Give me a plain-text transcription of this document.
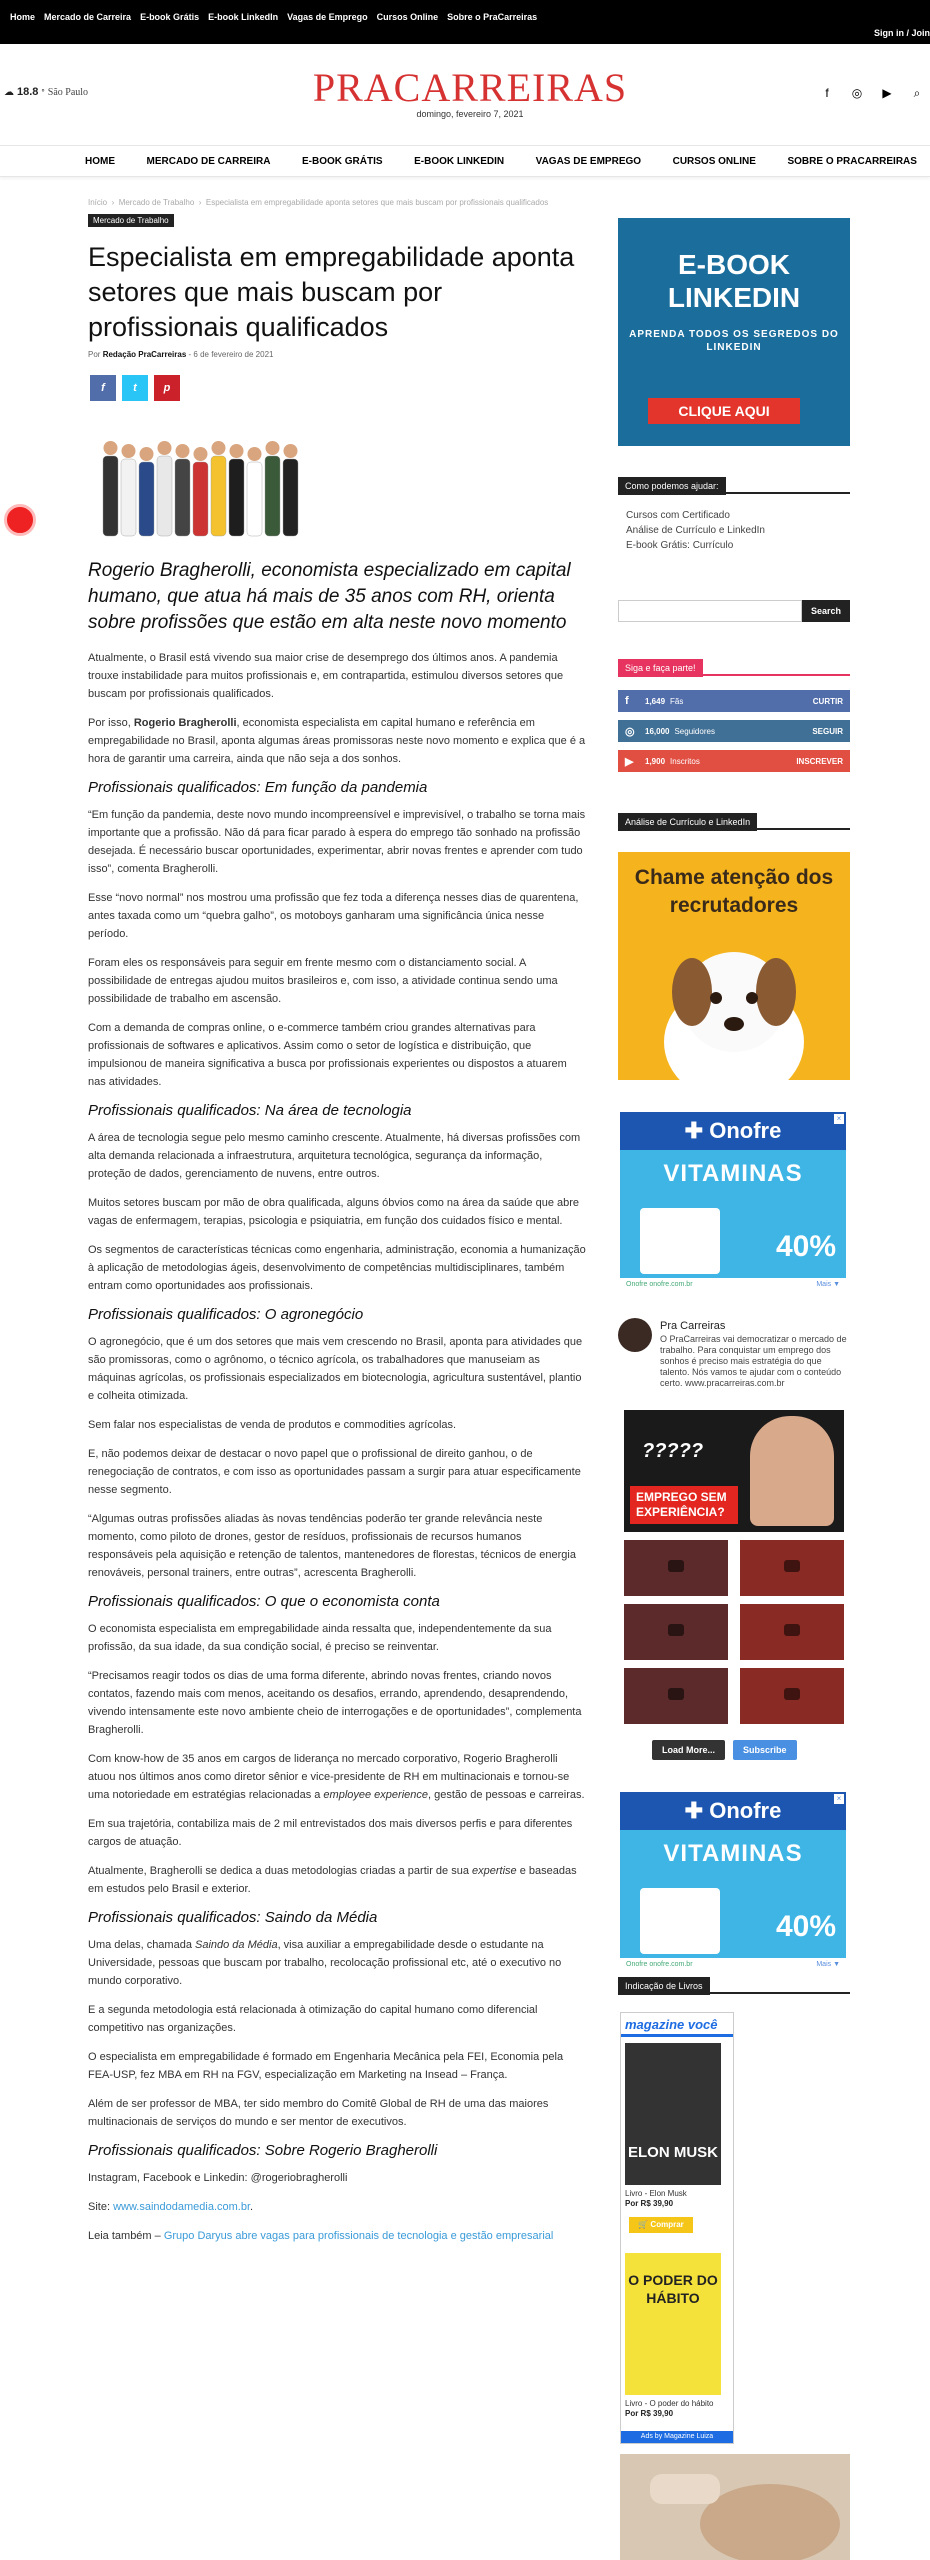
Home Mercado de Carreira E-book Grátis E-book LinkedIn Vagas de Emprego Cursos Online Sobre o PraCarreiras
Sign in / Join
☁ 18.8 ° São Paulo	PRACARREIRAS
domingo, fevereiro 7, 2021
f	◎ ▶	⌕
HOME	MERCADO DE CARREIRA	E-BOOK GRÁTIS	E-BOOK LINKEDIN	VAGAS DE EMPREGO	CURSOS ONLINE	SOBRE O PRACARREIRAS
Início  ›  Mercado de Trabalho  ›  Especialista em empregabilidade aponta setores que mais buscam por profissionais qualificados
Mercado de Trabalho
Especialista em empregabilidade aponta setores que mais buscam por profissionais qualificados
Por Redação PraCarreiras - 6 de fevereiro de 2021
f	t p

Rogerio Bragherolli, economista especializado em capital humano, que atua há mais de 35 anos com RH, orienta sobre profissões que estão em alta neste novo momento

Atualmente, o Brasil está vivendo sua maior crise de desemprego dos últimos anos. A pandemia trouxe instabilidade para muitos profissionais e, em contrapartida, estimulou diversos setores que buscam por profissionais qualificados.

Por isso, Rogerio Bragherolli, economista especialista em capital humano e referência em empregabilidade no Brasil, aponta algumas áreas promissoras neste novo momento e explica que é a hora de garantir uma carreira, ainda que não seja a dos sonhos.

Profissionais qualificados: Em função da pandemia

“Em função da pandemia, deste novo mundo incompreensível e imprevisível, o trabalho se torna mais importante que a profissão. Não dá para ficar parado à espera do emprego tão sonhado na profissão desejada. É necessário buscar oportunidades, experimentar, abrir novas frentes e aprender com tudo isso”, comenta Bragherolli.

Esse “novo normal” nos mostrou uma profissão que fez toda a diferença nesses dias de quarentena, antes taxada como um “quebra galho”, os motoboys ganharam uma significância única nesse período.

Foram eles os responsáveis para seguir em frente mesmo com o distanciamento social. A possibilidade de entregas ajudou muitos brasileiros e, com isso, a atividade continua sendo uma possibilidade de trabalho em ascensão.

Com a demanda de compras online, o e-commerce também criou grandes alternativas para profissionais de softwares e aplicativos. Assim como o setor de logística e distribuição, que impulsionou de maneira significativa a busca por profissionais experientes ou dispostos a atuarem nas atividades.

Profissionais qualificados: Na área de tecnologia

A área de tecnologia segue pelo mesmo caminho crescente. Atualmente, há diversas profissões com alta demanda relacionada a infraestrutura, arquitetura tecnológica, segurança da informação, proteção de dados, gerenciamento de nuvens, entre outros.

Muitos setores buscam por mão de obra qualificada, alguns óbvios como na área da saúde que abre vagas de enfermagem, terapias, psicologia e psiquiatria, em função dos cuidados físico e mental.

Os segmentos de características técnicas como engenharia, administração, economia a humanização à aplicação de metodologias ágeis, desenvolvimento de competências multidisciplinares, também entram como oportunidades aos profissionais.

Profissionais qualificados: O agronegócio

O agronegócio, que é um dos setores que mais vem crescendo no Brasil, aponta para atividades que são promissoras, como o agrônomo, o técnico agrícola, os trabalhadores que manuseiam as máquinas agrícolas, os profissionais especializados em biotecnologia, agricultura sustentável, plantio e colheita otimizada.

Sem falar nos especialistas de venda de produtos e commodities agrícolas.

E, não podemos deixar de destacar o novo papel que o profissional de direito ganhou, o de renegociação de contratos, e com isso as oportunidades passam a surgir para atuar especificamente nesse segmento.

“Algumas outras profissões aliadas às novas tendências poderão ter grande relevância neste momento, como piloto de drones, gestor de resíduos, profissionais de recursos humanos responsáveis pela aquisição e retenção de talentos, mantenedores de florestas, técnicos de energia renováveis, personal trainers, entre outras”, acrescenta Bragherolli.

Profissionais qualificados: O que o economista conta

O economista especialista em empregabilidade ainda ressalta que, independentemente da sua profissão, da sua idade, da sua condição social, é preciso se reinventar.

“Precisamos reagir todos os dias de uma forma diferente, abrindo novas frentes, criando novos contatos, fazendo mais com menos, aceitando os desafios, errando, aprendendo, desaprendendo, vivendo intensamente este novo ambiente cheio de interrogações e de oportunidades”, complementa Bragherolli.

Com know-how de 35 anos em cargos de liderança no mercado corporativo, Rogerio Bragherolli atuou nos últimos anos como diretor sênior e vice-presidente de RH em multinacionais e tornou-se uma notoriedade em estratégias relacionadas a employee experience, gestão de pessoas e carreiras.

Em sua trajetória, contabiliza mais de 2 mil entrevistados dos mais diversos perfis e para diferentes cargos de atuação.

Atualmente, Bragherolli se dedica a duas metodologias criadas a partir de sua expertise e baseadas em estudos pelo Brasil e exterior.

Profissionais qualificados: Saindo da Média

Uma delas, chamada Saindo da Média, visa auxiliar a empregabilidade desde o estudante na Universidade, pessoas que buscam por trabalho, recolocação profissional etc, até o executivo no mundo corporativo.

E a segunda metodologia está relacionada à otimização do capital humano como diferencial competitivo nas organizações.

O especialista em empregabilidade é formado em Engenharia Mecânica pela FEI, Economia pela FEA-USP, fez MBA em RH na FGV, especialização em Marketing na Insead – França.

Além de ser professor de MBA, ter sido membro do Comitê Global de RH de uma das maiores multinacionais de serviços do mundo e ser mentor de executivos.

Profissionais qualificados: Sobre Rogerio Bragherolli

Instagram, Facebook e Linkedin: @rogeriobragherolli

Site: www.saindodamedia.com.br.

Leia também – Grupo Daryus abre vagas para profissionais de tecnologia e gestão empresarial

E-BOOK LINKEDIN
APRENDA TODOS OS SEGREDOS DO LINKEDIN
CLIQUE AQUI
Como podemos ajudar:
Cursos com Certificado
Análise de Currículo e LinkedIn
E-book Grátis: Currículo
Search
Siga e faça parte!
f	1,649 Fãs	CURTIR
◎	16,000 Seguidores	SEGUIR
▶	1,900 Inscritos	INSCREVER
Análise de Currículo e LinkedIn
Chame atenção dos recrutadores
✚ Onofre
VITAMINAS
40%
Onofre onofre.com.br	Mais ▼
×
Pra Carreiras
O PraCarreiras vai democratizar o mercado de trabalho. Para conquistar um emprego dos sonhos é preciso mais estratégia do que talento. Nós vamos te ajudar com o conteúdo certo. www.pracarreiras.com.br
?????
EMPREGO SEM EXPERIÊNCIA?
Load More...	Subscribe
✚ Onofre
VITAMINAS
40%
Onofre onofre.com.br	Mais ▼
×
Indicação de Livros
magazine você
ELON MUSK
Livro - Elon Musk
Por R$ 39,90
🛒 Comprar
O PODER DO HÁBITO
Livro - O poder do hábito
Por R$ 39,90
Ads by Magazine Luiza
